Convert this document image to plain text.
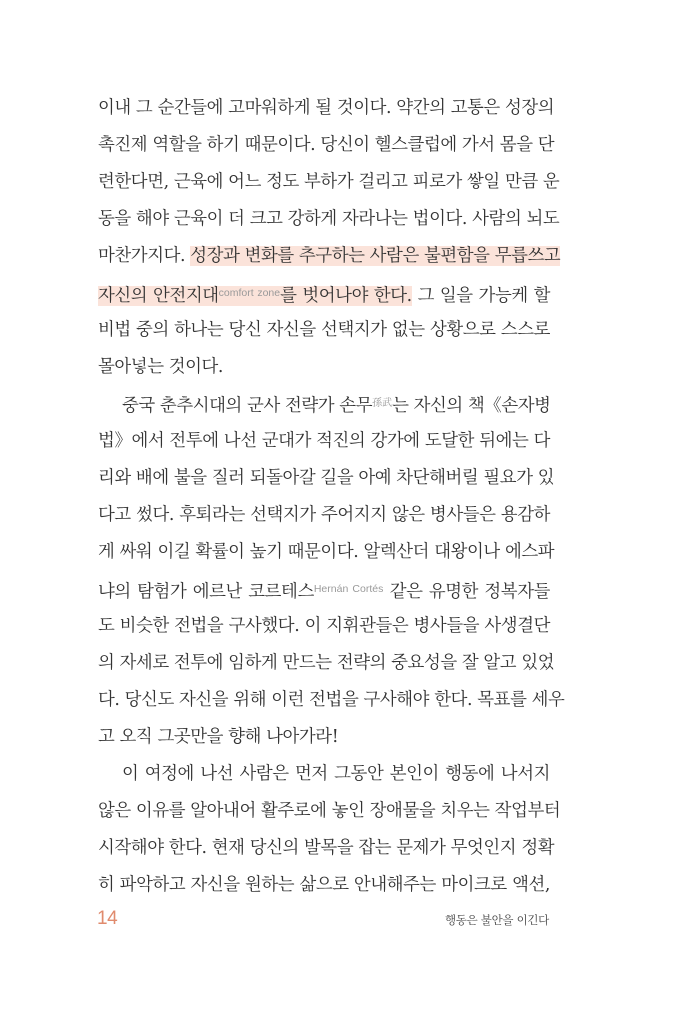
이내 그 순간들에 고마워하게 될 것이다. 약간의 고통은 성장의
촉진제 역할을 하기 때문이다. 당신이 헬스클럽에 가서 몸을 단
련한다면, 근육에 어느 정도 부하가 걸리고 피로가 쌓일 만큼 운
동을 해야 근육이 더 크고 강하게 자라나는 법이다. 사람의 뇌도
마찬가지다. 성장과 변화를 추구하는 사람은 불편함을 무릅쓰고
자신의 안전지대$^{comfort zone}$를 벗어나야 한다. 그 일을 가능케 할
비법 중의 하나는 당신 자신을 선택지가 없는 상황으로 스스로
몰아넣는 것이다.
중국 춘추시대의 군사 전략가 손무$^{孫武}$는 자신의 책《손자병
법》에서 전투에 나선 군대가 적진의 강가에 도달한 뒤에는 다
리와 배에 불을 질러 되돌아갈 길을 아예 차단해버릴 필요가 있
다고 썼다. 후퇴라는 선택지가 주어지지 않은 병사들은 용감하
게 싸워 이길 확률이 높기 때문이다. 알렉산더 대왕이나 에스파
냐의 탐험가 에르난 코르테스$^{Hernán Cortés}$ 같은 유명한 정복자들
도 비슷한 전법을 구사했다. 이 지휘관들은 병사들을 사생결단
의 자세로 전투에 임하게 만드는 전략의 중요성을 잘 알고 있었
다. 당신도 자신을 위해 이런 전법을 구사해야 한다. 목표를 세우
고 오직 그곳만을 향해 나아가라!
이 여정에 나선 사람은 먼저 그동안 본인이 행동에 나서지
않은 이유를 알아내어 활주로에 놓인 장애물을 치우는 작업부터
시작해야 한다. 현재 당신의 발목을 잡는 문제가 무엇인지 정확
히 파악하고 자신을 원하는 삶으로 안내해주는 마이크로 액션,
14	행동은 불안을 이긴다
